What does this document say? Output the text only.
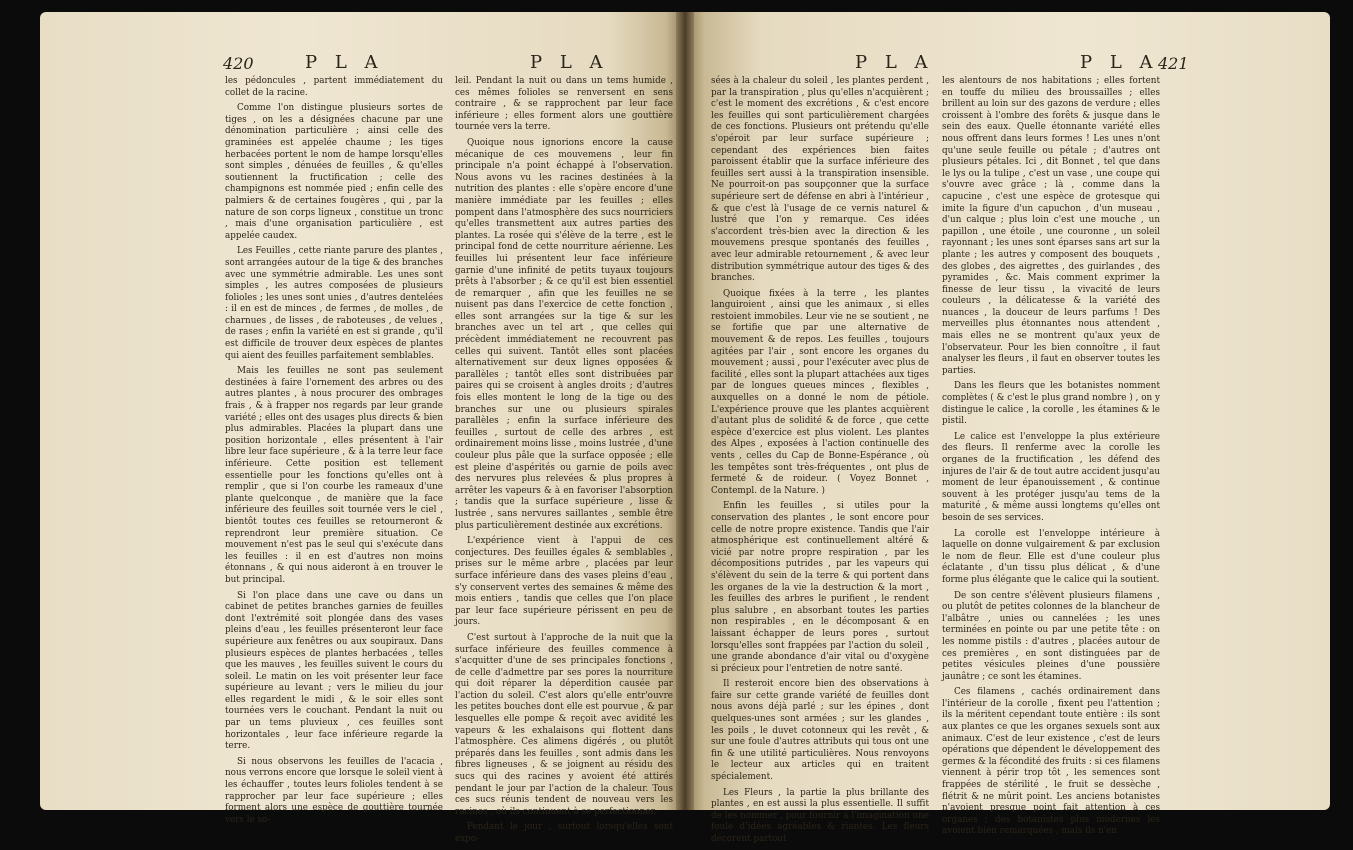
420	P L A	P L A

les pédoncules , partent immédiatement du collet de la racine.

Comme l'on distingue plusieurs sortes de tiges , on les a désignées chacune par une dénomination particulière ; ainsi celle des graminées est appelée chaume ; les tiges herbacées portent le nom de hampe lorsqu'elles sont simples , dénuées de feuilles , & qu'elles soutiennent la fructification ; celle des champignons est nommée pied ; enfin celle des palmiers & de certaines fougères , qui , par la nature de son corps ligneux , constitue un tronc , mais d'une organisation particulière , est appelée caudex.

Les Feuilles , cette riante parure des plantes , sont arrangées autour de la tige & des branches avec une symmétrie admirable. Les unes sont simples , les autres composées de plusieurs folioles ; les unes sont unies , d'autres dentelées : il en est de minces , de fermes , de molles , de charnues , de lisses , de raboteuses , de velues , de rases ; enfin la variété en est si grande , qu'il est difficile de trouver deux espèces de plantes qui aient des feuilles parfaitement semblables.

Mais les feuilles ne sont pas seulement destinées à faire l'ornement des arbres ou des autres plantes , à nous procurer des ombrages frais , & à frapper nos regards par leur grande variété ; elles ont des usages plus directs & bien plus admirables. Placées la plupart dans une position horizontale , elles présentent à l'air libre leur face supérieure , & à la terre leur face inférieure. Cette position est tellement essentielle pour les fonctions qu'elles ont à remplir , que si l'on courbe les rameaux d'une plante quelconque , de manière que la face inférieure des feuilles soit tournée vers le ciel , bientôt toutes ces feuilles se retourneront & reprendront leur première situation. Ce mouvement n'est pas le seul qui s'exécute dans les feuilles : il en est d'autres non moins étonnans , & qui nous aideront à en trouver le but principal.

Si l'on place dans une cave ou dans un cabinet de petites branches garnies de feuilles dont l'extrémité soit plongée dans des vases pleins d'eau , les feuilles présenteront leur face supérieure aux fenêtres ou aux soupiraux. Dans plusieurs espèces de plantes herbacées , telles que les mauves , les feuilles suivent le cours du soleil. Le matin on les voit présenter leur face supérieure au levant ; vers le milieu du jour elles regardent le midi , & le soir elles sont tournées vers le couchant. Pendant la nuit ou par un tems pluvieux , ces feuilles sont horizontales , leur face inférieure regarde la terre.

Si nous observons les feuilles de l'acacia , nous verrons encore que lorsque le soleil vient à les échauffer , toutes leurs folioles tendent à se rapprocher par leur face supérieure ; elles forment alors une espèce de gouttière tournée vers le so-

leil. Pendant la nuit ou dans un tems humide , ces mêmes folioles se renversent en sens contraire , & se rapprochent par leur face inférieure ; elles forment alors une gouttière tournée vers la terre.

Quoique nous ignorions encore la cause mécanique de ces mouvemens , leur fin principale n'a point échappé à l'observation. Nous avons vu les racines destinées à la nutrition des plantes : elle s'opère encore d'une manière immédiate par les feuilles ; elles pompent dans l'atmosphère des sucs nourriciers qu'elles transmettent aux autres parties des plantes. La rosée qui s'élève de la terre , est le principal fond de cette nourriture aérienne. Les feuilles lui présentent leur face inférieure garnie d'une infinité de petits tuyaux toujours prêts à l'absorber ; & ce qu'il est bien essentiel de remarquer , afin que les feuilles ne se nuisent pas dans l'exercice de cette fonction , elles sont arrangées sur la tige & sur les branches avec un tel art , que celles qui précèdent immédiatement ne recouvrent pas celles qui suivent. Tantôt elles sont placées alternativement sur deux lignes opposées & parallèles ; tantôt elles sont distribuées par paires qui se croisent à angles droits ; d'autres fois elles montent le long de la tige ou des branches sur une ou plusieurs spirales parallèles ; enfin la surface inférieure des feuilles , surtout de celle des arbres , est ordinairement moins lisse , moins lustrée , d'une couleur plus pâle que la surface opposée ; elle est pleine d'aspérités ou garnie de poils avec des nervures plus relevées & plus propres à arrêter les vapeurs & à en favoriser l'absorption ; tandis que la surface supérieure , lisse & lustrée , sans nervures saillantes , semble être plus particulièrement destinée aux excrétions.

L'expérience vient à l'appui de ces conjectures. Des feuilles égales & semblables , prises sur le même arbre , placées par leur surface inférieure dans des vases pleins d'eau , s'y conservent vertes des semaines & même des mois entiers , tandis que celles que l'on place par leur face supérieure périssent en peu de jours.

C'est surtout à l'approche de la nuit que la surface inférieure des feuilles commence à s'acquitter d'une de ses principales fonctions , de celle d'admettre par ses pores la nourriture qui doit réparer la déperdition causée par l'action du soleil. C'est alors qu'elle entr'ouvre les petites bouches dont elle est pourvue , & par lesquelles elle pompe & reçoit avec avidité les vapeurs & les exhalaisons qui flottent dans l'atmosphère. Ces alimens digérés , ou plutôt préparés dans les feuilles , sont admis dans les fibres ligneuses , & se joignent au résidu des sucs qui des racines y avoient été attirés pendant le jour par l'action de la chaleur. Tous ces sucs réunis tendent de nouveau vers les racines , où ils continuent à se perfectionner.

Pendant le jour , surtout lorsqu'elles sont expo-

P L A	P L A 421

sées à la chaleur du soleil , les plantes perdent , par la transpiration , plus qu'elles n'acquièrent ; c'est le moment des excrétions , & c'est encore les feuilles qui sont particulièrement chargées de ces fonctions. Plusieurs ont prétendu qu'elle s'opéroit par leur surface supérieure ; cependant des expériences bien faites paroissent établir que la surface inférieure des feuilles sert aussi à la transpiration insensible. Ne pourroit-on pas soupçonner que la surface supérieure sert de défense en abri à l'intérieur , & que c'est là l'usage de ce vernis naturel & lustré que l'on y remarque. Ces idées s'accordent très-bien avec la direction & les mouvemens presque spontanés des feuilles , avec leur admirable retournement , & avec leur distribution symmétrique autour des tiges & des branches.

Quoique fixées à la terre , les plantes languiroient , ainsi que les animaux , si elles restoient immobiles. Leur vie ne se soutient , ne se fortifie que par une alternative de mouvement & de repos. Les feuilles , toujours agitées par l'air , sont encore les organes du mouvement ; aussi , pour l'exécuter avec plus de facilité , elles sont la plupart attachées aux tiges par de longues queues minces , flexibles , auxquelles on a donné le nom de pétiole. L'expérience prouve que les plantes acquièrent d'autant plus de solidité & de force , que cette espèce d'exercice est plus violent. Les plantes des Alpes , exposées à l'action continuelle des vents , celles du Cap de Bonne-Espérance , où les tempêtes sont très-fréquentes , ont plus de fermeté & de roideur. ( Voyez Bonnet , Contempl. de la Nature. )

Enfin les feuilles , si utiles pour la conservation des plantes , le sont encore pour celle de notre propre existence. Tandis que l'air atmosphérique est continuellement altéré & vicié par notre propre respiration , par les décompositions putrides , par les vapeurs qui s'élèvent du sein de la terre & qui portent dans les organes de la vie la destruction & la mort , les feuilles des arbres le purifient , le rendent plus salubre , en absorbant toutes les parties non respirables , en le décomposant & en laissant échapper de leurs pores , surtout lorsqu'elles sont frappées par l'action du soleil , une grande abondance d'air vital ou d'oxygène si précieux pour l'entretien de notre santé.

Il resteroit encore bien des observations à faire sur cette grande variété de feuilles dont nous avons déjà parlé ; sur les épines , dont quelques-unes sont armées ; sur les glandes , les poils , le duvet cotonneux qui les revêt , & sur une foule d'autres attributs qui tous ont une fin & une utilité particulières. Nous renvoyons le lecteur aux articles qui en traitent spécialement.

Les Fleurs , la partie la plus brillante des plantes , en est aussi la plus essentielle. Il suffit de les nommer , pour fournir à l'imagination une foule d'idées agréables & riantes. Les fleurs décorent partout

les alentours de nos habitations ; elles fortent en touffe du milieu des broussailles ; elles brillent au loin sur des gazons de verdure ; elles croissent à l'ombre des forêts & jusque dans le sein des eaux. Quelle étonnante variété elles nous offrent dans leurs formes ! Les unes n'ont qu'une seule feuille ou pétale ; d'autres ont plusieurs pétales. Ici , dit Bonnet , tel que dans le lys ou la tulipe , c'est un vase , une coupe qui s'ouvre avec grâce ; là , comme dans la capucine , c'est une espèce de grotesque qui imite la figure d'un capuchon , d'un museau , d'un calque ; plus loin c'est une mouche , un papillon , une étoile , une couronne , un soleil rayonnant ; les unes sont éparses sans art sur la plante ; les autres y composent des bouquets , des globes , des aigrettes , des guirlandes , des pyramides , &c. Mais comment exprimer la finesse de leur tissu , la vivacité de leurs couleurs , la délicatesse & la variété des nuances , la douceur de leurs parfums ! Des merveilles plus étonnantes nous attendent , mais elles ne se montrent qu'aux yeux de l'observateur. Pour les bien connoître , il faut analyser les fleurs , il faut en observer toutes les parties.

Dans les fleurs que les botanistes nomment complètes ( & c'est le plus grand nombre ) , on y distingue le calice , la corolle , les étamines & le pistil.

Le calice est l'enveloppe la plus extérieure des fleurs. Il renferme avec la corolle les organes de la fructification , les défend des injures de l'air & de tout autre accident jusqu'au moment de leur épanouissement , & continue souvent à les protéger jusqu'au tems de la maturité , & même aussi longtems qu'elles ont besoin de ses services.

La corolle est l'enveloppe intérieure à laquelle on donne vulgairement & par exclusion le nom de fleur. Elle est d'une couleur plus éclatante , d'un tissu plus délicat , & d'une forme plus élégante que le calice qui la soutient.

De son centre s'élèvent plusieurs filamens , ou plutôt de petites colonnes de la blancheur de l'albâtre , unies ou cannelées ; les unes terminées en pointe ou par une petite tête : on les nomme pistils : d'autres , placées autour de ces premières , en sont distinguées par de petites vésicules pleines d'une poussière jaunâtre ; ce sont les étamines.

Ces filamens , cachés ordinairement dans l'intérieur de la corolle , fixent peu l'attention ; ils la méritent cependant toute entière : ils sont aux plantes ce que les organes sexuels sont aux animaux. C'est de leur existence , c'est de leurs opérations que dépendent le développement des germes & la fécondité des fruits : si ces filamens viennent à périr trop tôt , les semences sont frappées de stérilité , le fruit se dessèche , flétrit & ne mûrit point. Les anciens botanistes n'avoient presque point fait attention à ces organes ; des botanistes plus modernes les avoient bien remarquées , mais ils n'en
